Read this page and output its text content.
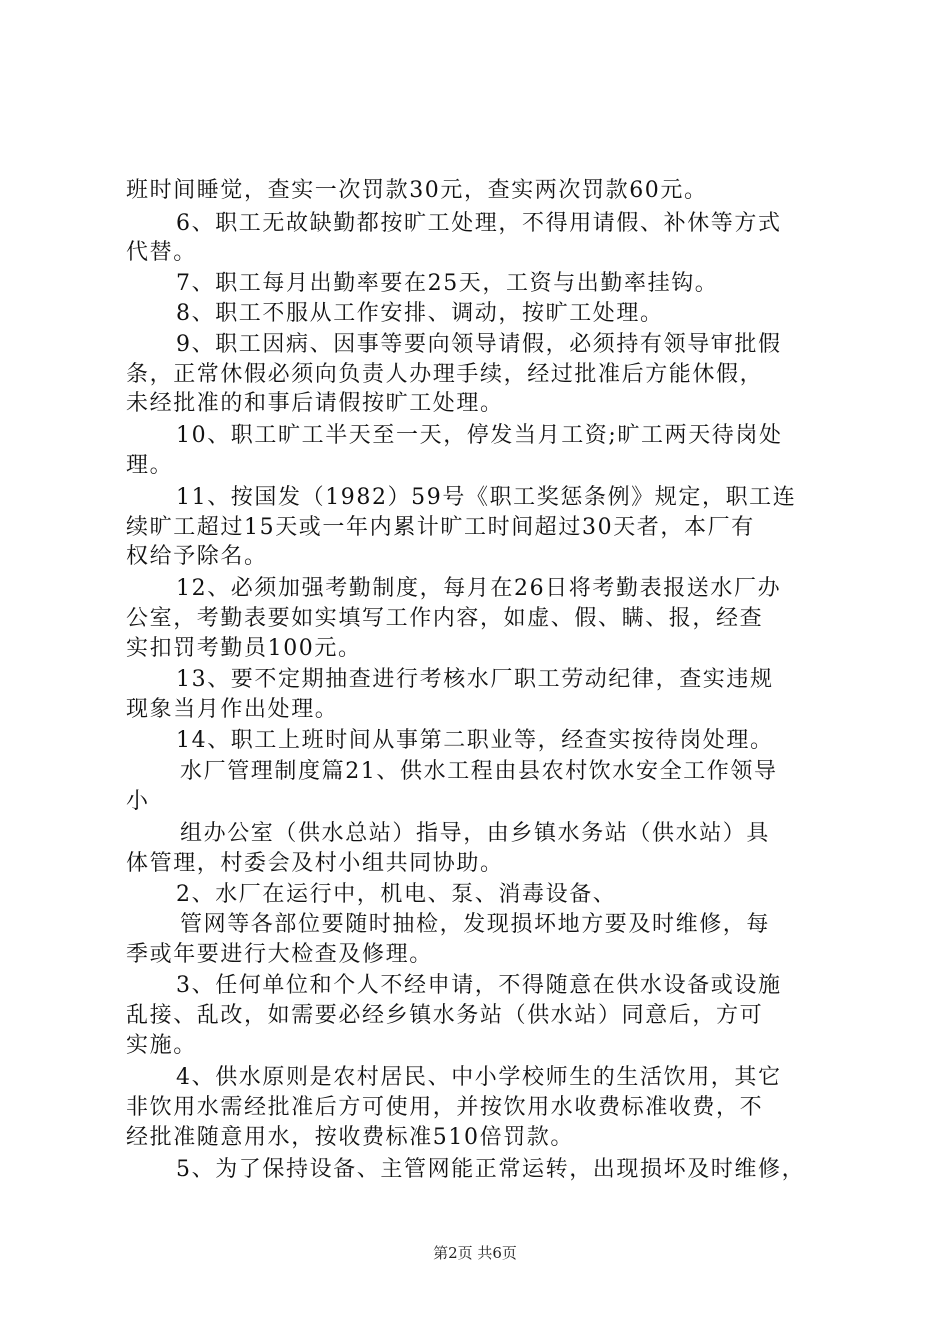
班时间睡觉，查实一次罚款30元，查实两次罚款60元。
6、职工无故缺勤都按旷工处理，不得用请假、补休等方式
代替。
7、职工每月出勤率要在25天，工资与出勤率挂钩。
8、职工不服从工作安排、调动，按旷工处理。
9、职工因病、因事等要向领导请假，必须持有领导审批假
条，正常休假必须向负责人办理手续，经过批准后方能休假，
未经批准的和事后请假按旷工处理。
10、职工旷工半天至一天，停发当月工资;旷工两天待岗处
理。
11、按国发（1982）59号《职工奖惩条例》规定，职工连
续旷工超过15天或一年内累计旷工时间超过30天者，本厂有
权给予除名。
12、必须加强考勤制度，每月在26日将考勤表报送水厂办
公室，考勤表要如实填写工作内容，如虚、假、瞒、报，经查
实扣罚考勤员100元。
13、要不定期抽查进行考核水厂职工劳动纪律，查实违规
现象当月作出处理。
14、职工上班时间从事第二职业等，经查实按待岗处理。
水厂管理制度篇21、供水工程由县农村饮水安全工作领导
小
组办公室（供水总站）指导，由乡镇水务站（供水站）具
体管理，村委会及村小组共同协助。
2、水厂在运行中，机电、泵、消毒设备、
管网等各部位要随时抽检，发现损坏地方要及时维修，每
季或年要进行大检查及修理。
3、任何单位和个人不经申请，不得随意在供水设备或设施
乱接、乱改，如需要必经乡镇水务站（供水站）同意后，方可
实施。
4、供水原则是农村居民、中小学校师生的生活饮用，其它
非饮用水需经批准后方可使用，并按饮用水收费标准收费，不
经批准随意用水，按收费标准510倍罚款。
5、为了保持设备、主管网能正常运转，出现损坏及时维修，
第2页 共6页
